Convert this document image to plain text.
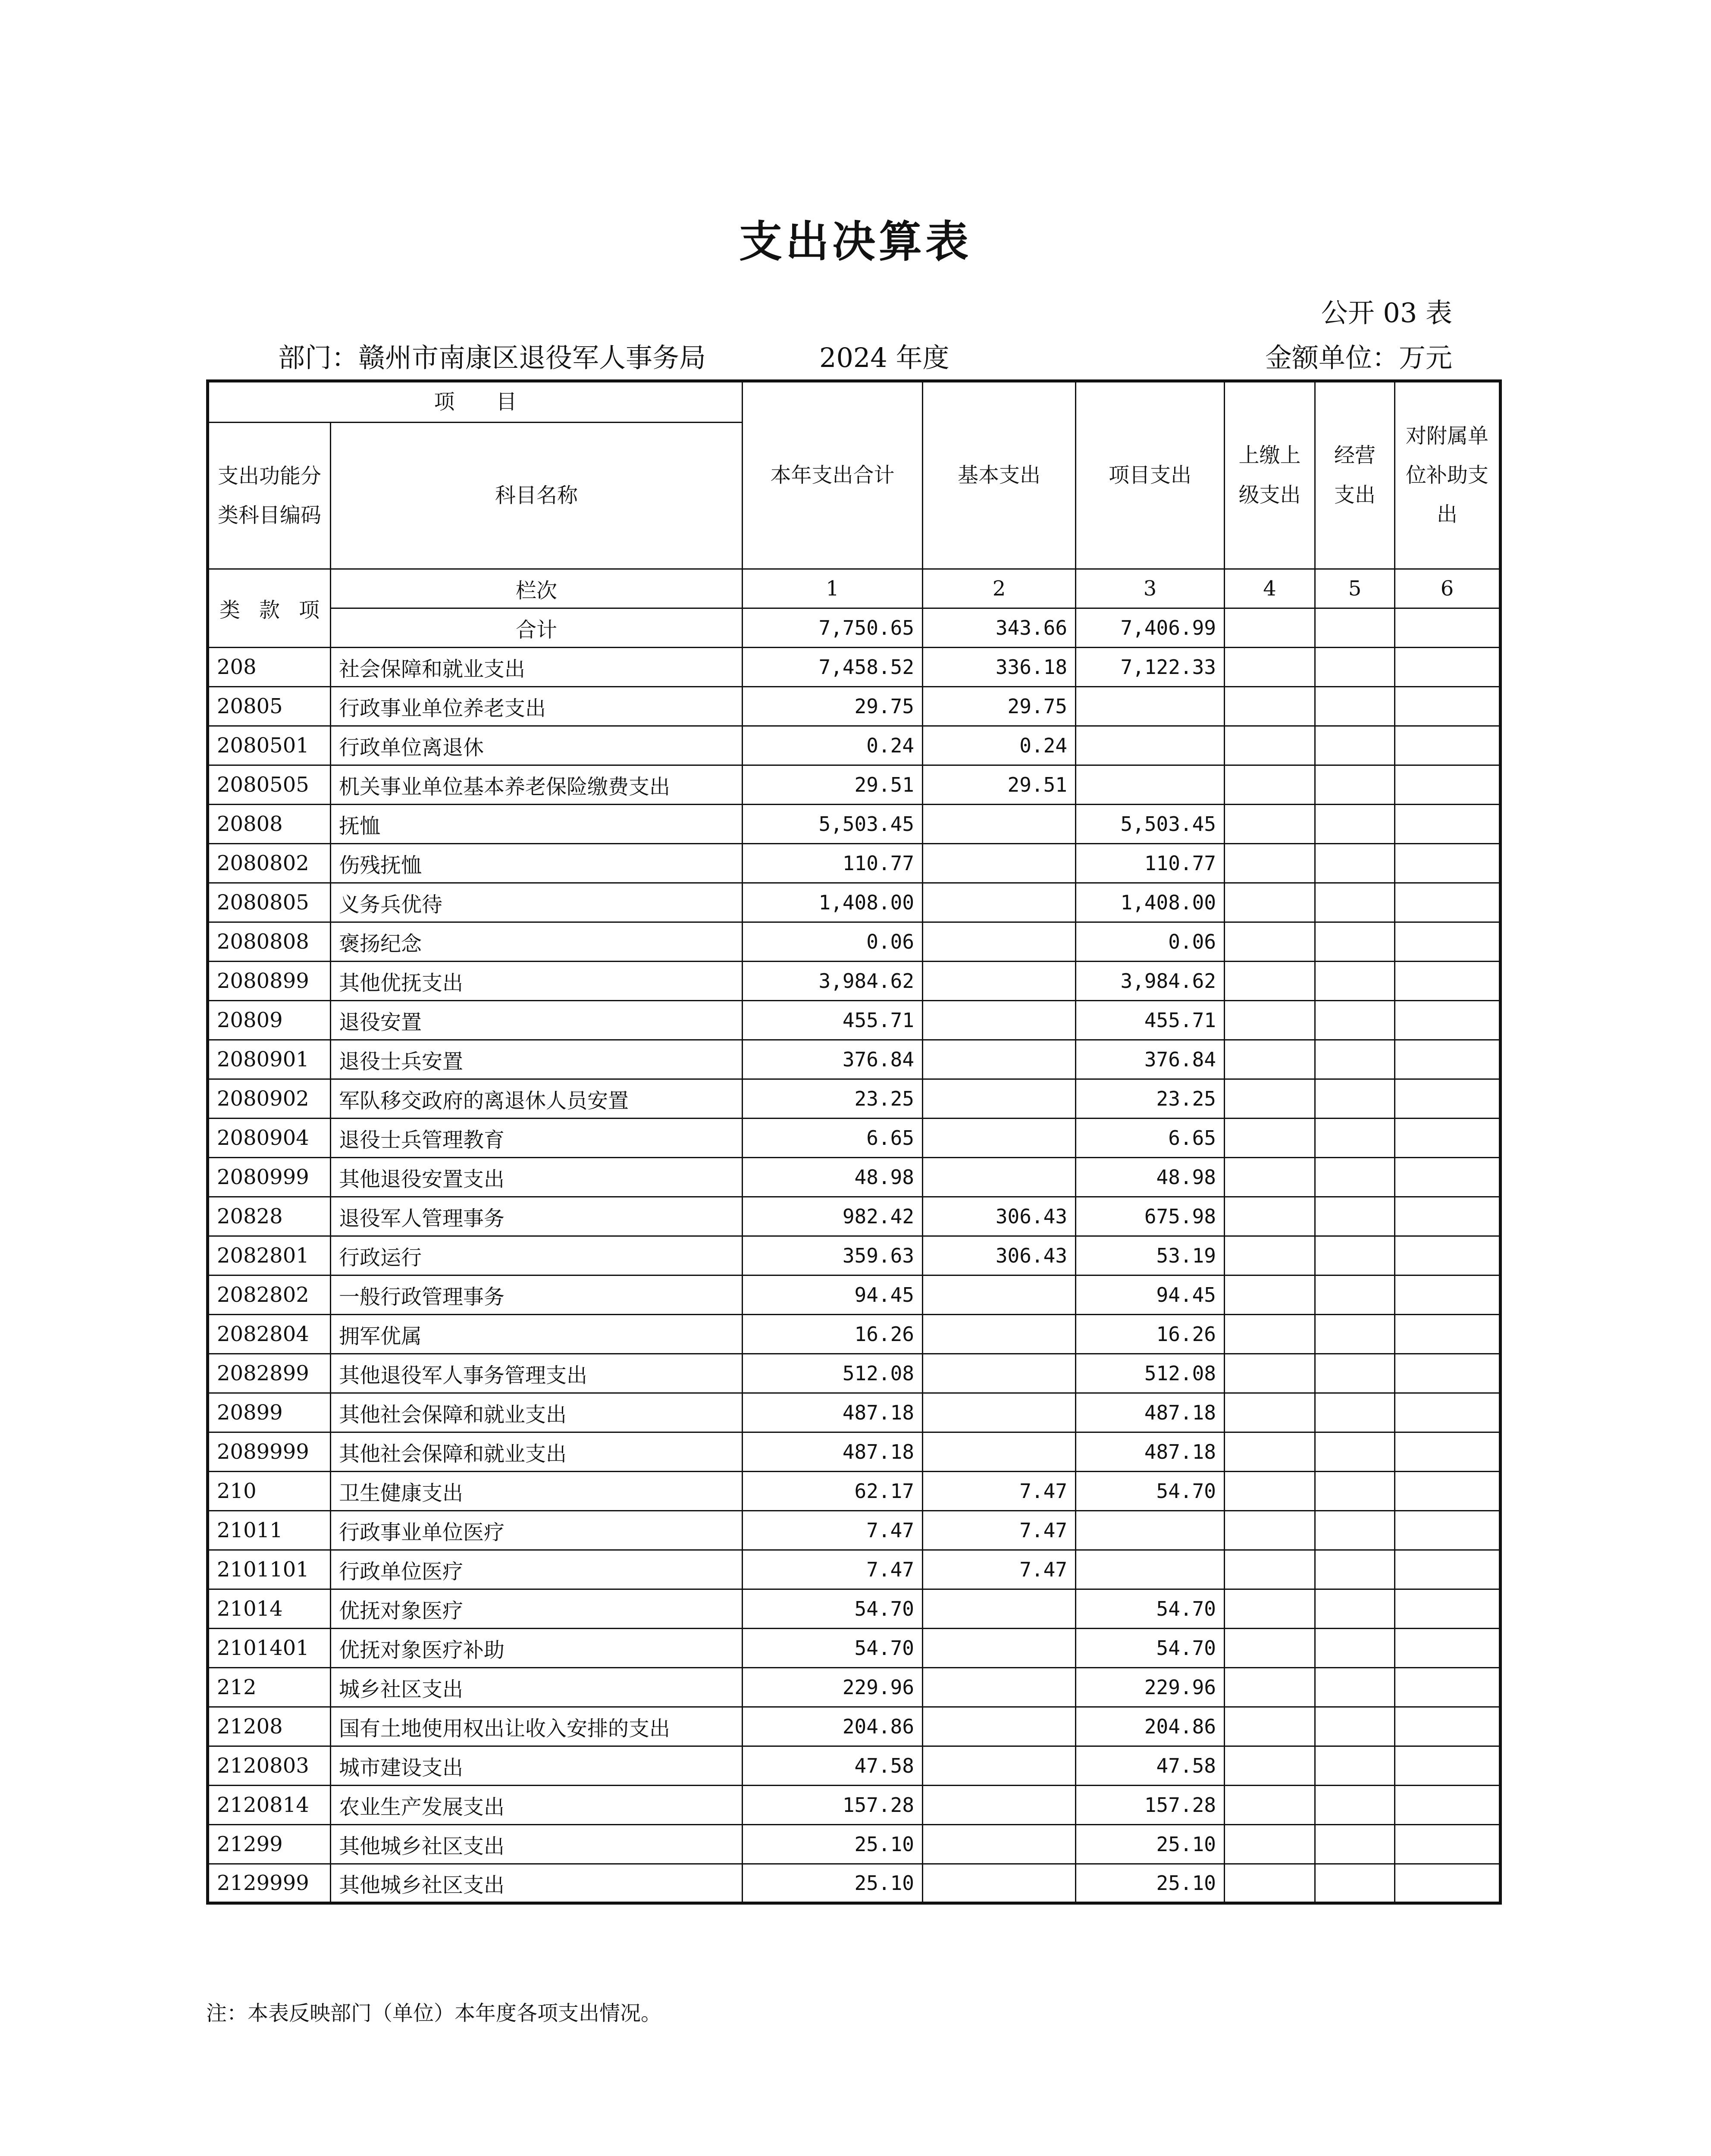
支出决算表
公开 03 表
部门：赣州市南康区退役军人事务局	2024 年度	金额单位：万元
项　　目		本年支出合计	基本支出	项目支出	上缴上级支出	经营支出	对附属单位补助支出
支出功能分类科目编码	科目名称						

类 款 项	栏次	1	2	3	4	5	6
	合计	7,750.65	343.66	7,406.99			
208	社会保障和就业支出	7,458.52	336.18	7,122.33			
20805	行政事业单位养老支出	29.75	29.75				
2080501	行政单位离退休	0.24	0.24				
2080505	机关事业单位基本养老保险缴费支出	29.51	29.51				
20808	抚恤	5,503.45		5,503.45			
2080802	伤残抚恤	110.77		110.77			
2080805	义务兵优待	1,408.00		1,408.00			
2080808	褒扬纪念	0.06		0.06			
2080899	其他优抚支出	3,984.62		3,984.62			
20809	退役安置	455.71		455.71			
2080901	退役士兵安置	376.84		376.84			
2080902	军队移交政府的离退休人员安置	23.25		23.25			
2080904	退役士兵管理教育	6.65		6.65			
2080999	其他退役安置支出	48.98		48.98			
20828	退役军人管理事务	982.42	306.43	675.98			
2082801	行政运行	359.63	306.43	53.19			
2082802	一般行政管理事务	94.45		94.45			
2082804	拥军优属	16.26		16.26			
2082899	其他退役军人事务管理支出	512.08		512.08			
20899	其他社会保障和就业支出	487.18		487.18			
2089999	其他社会保障和就业支出	487.18		487.18			
210	卫生健康支出	62.17	7.47	54.70			
21011	行政事业单位医疗	7.47	7.47				
2101101	行政单位医疗	7.47	7.47				
21014	优抚对象医疗	54.70		54.70			
2101401	优抚对象医疗补助	54.70		54.70			
212	城乡社区支出	229.96		229.96			
21208	国有土地使用权出让收入安排的支出	204.86		204.86			
2120803	城市建设支出	47.58		47.58			
2120814	农业生产发展支出	157.28		157.28			
21299	其他城乡社区支出	25.10		25.10			
2129999	其他城乡社区支出	25.10		25.10			
注：本表反映部门（单位）本年度各项支出情况。
